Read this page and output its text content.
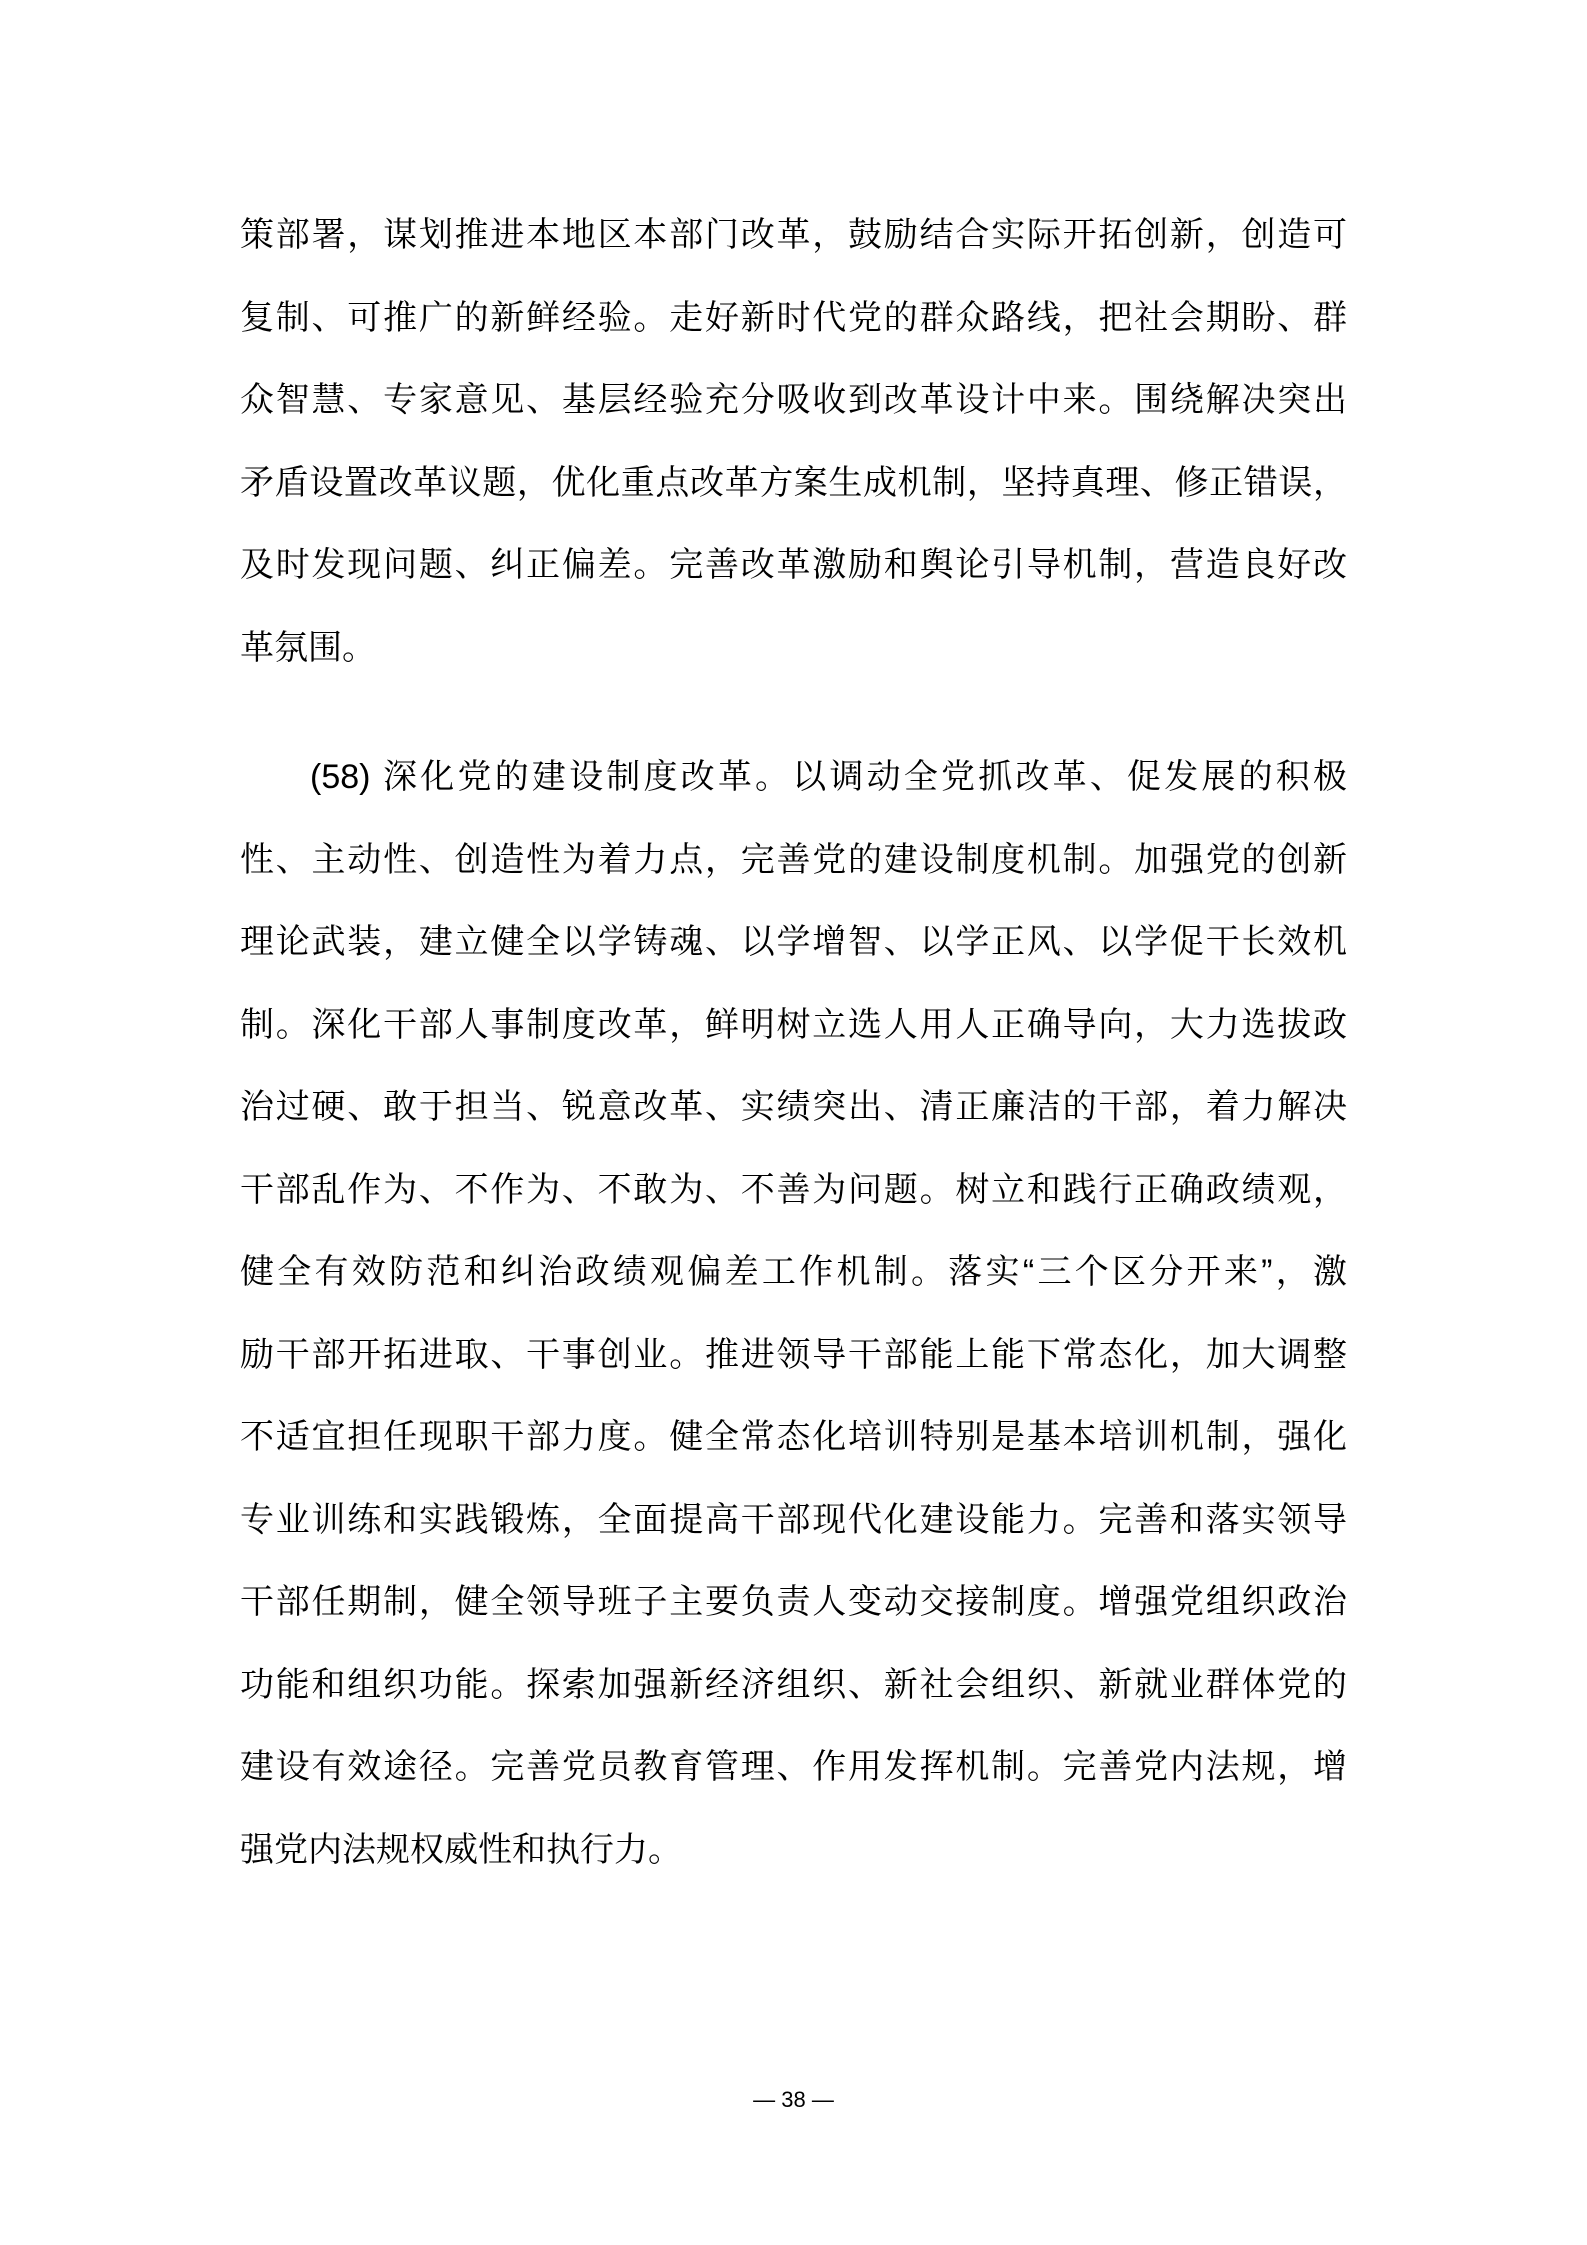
策部署，谋划推进本地区本部门改革，鼓励结合实际开拓创新，创造可
复制、可推广的新鲜经验。走好新时代党的群众路线，把社会期盼、群
众智慧、专家意见、基层经验充分吸收到改革设计中来。围绕解决突出
矛盾设置改革议题，优化重点改革方案生成机制，坚持真理、修正错误，
及时发现问题、纠正偏差。完善改革激励和舆论引导机制，营造良好改
革氛围。
(58) 深化党的建设制度改革。以调动全党抓改革、促发展的积极
性、主动性、创造性为着力点，完善党的建设制度机制。加强党的创新
理论武装，建立健全以学铸魂、以学增智、以学正风、以学促干长效机
制。深化干部人事制度改革，鲜明树立选人用人正确导向，大力选拔政
治过硬、敢于担当、锐意改革、实绩突出、清正廉洁的干部，着力解决
干部乱作为、不作为、不敢为、不善为问题。树立和践行正确政绩观，
健全有效防范和纠治政绩观偏差工作机制。落实“三个区分开来”，激
励干部开拓进取、干事创业。推进领导干部能上能下常态化，加大调整
不适宜担任现职干部力度。健全常态化培训特别是基本培训机制，强化
专业训练和实践锻炼，全面提高干部现代化建设能力。完善和落实领导
干部任期制，健全领导班子主要负责人变动交接制度。增强党组织政治
功能和组织功能。探索加强新经济组织、新社会组织、新就业群体党的
建设有效途径。完善党员教育管理、作用发挥机制。完善党内法规，增
强党内法规权威性和执行力。
— 38 —
